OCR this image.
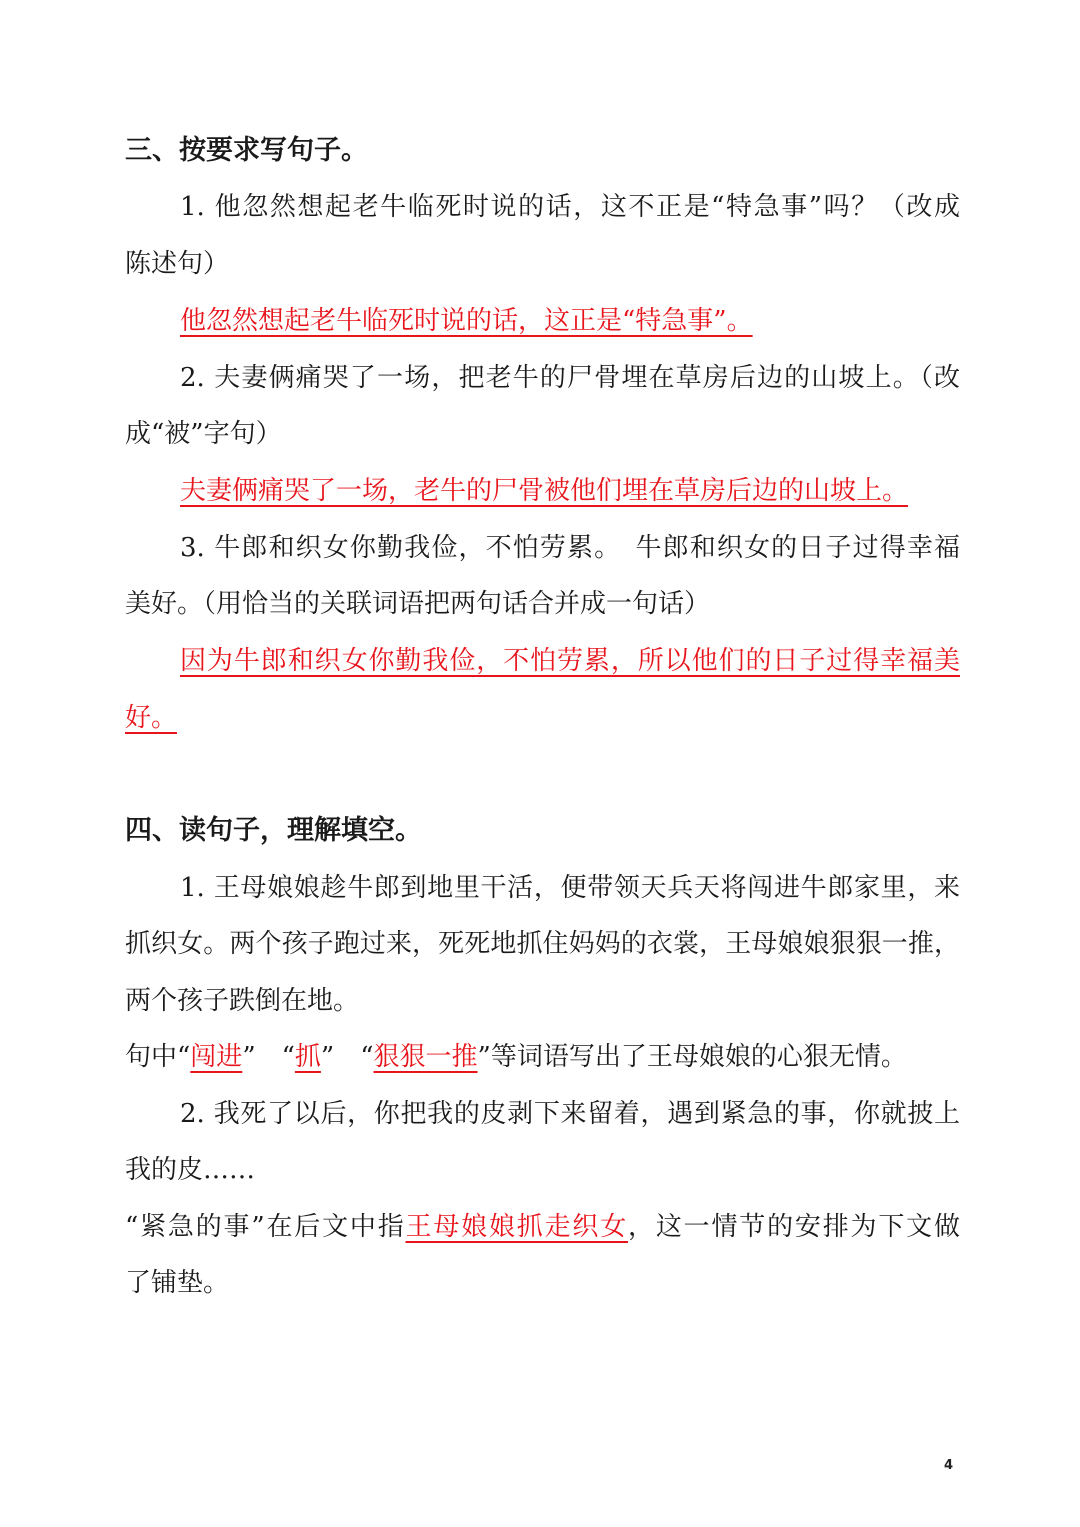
三、按要求写句子。
1. 他忽然想起老牛临死时说的话，这不正是“特急事”吗？（改成
陈述句）
他忽然想起老牛临死时说的话，这正是“特急事”。
2. 夫妻俩痛哭了一场，把老牛的尸骨埋在草房后边的山坡上。（改
成“被”字句）
夫妻俩痛哭了一场，老牛的尸骨被他们埋在草房后边的山坡上。
3. 牛郎和织女你勤我俭，不怕劳累。　牛郎和织女的日子过得幸福
美好。（用恰当的关联词语把两句话合并成一句话）
因为牛郎和织女你勤我俭，不怕劳累，所以他们的日子过得幸福美
好。 
四、读句子，理解填空。
1. 王母娘娘趁牛郎到地里干活，便带领天兵天将闯进牛郎家里，来
抓织女。两个孩子跑过来，死死地抓住妈妈的衣裳，王母娘娘狠狠一推，
两个孩子跌倒在地。
句中“闯进”　“抓”　“狠狠一推”等词语写出了王母娘娘的心狠无情。
2. 我死了以后，你把我的皮剥下来留着，遇到紧急的事，你就披上
我的皮……
“紧急的事”在后文中指王母娘娘抓走织女，这一情节的安排为下文做
了铺垫。
4
